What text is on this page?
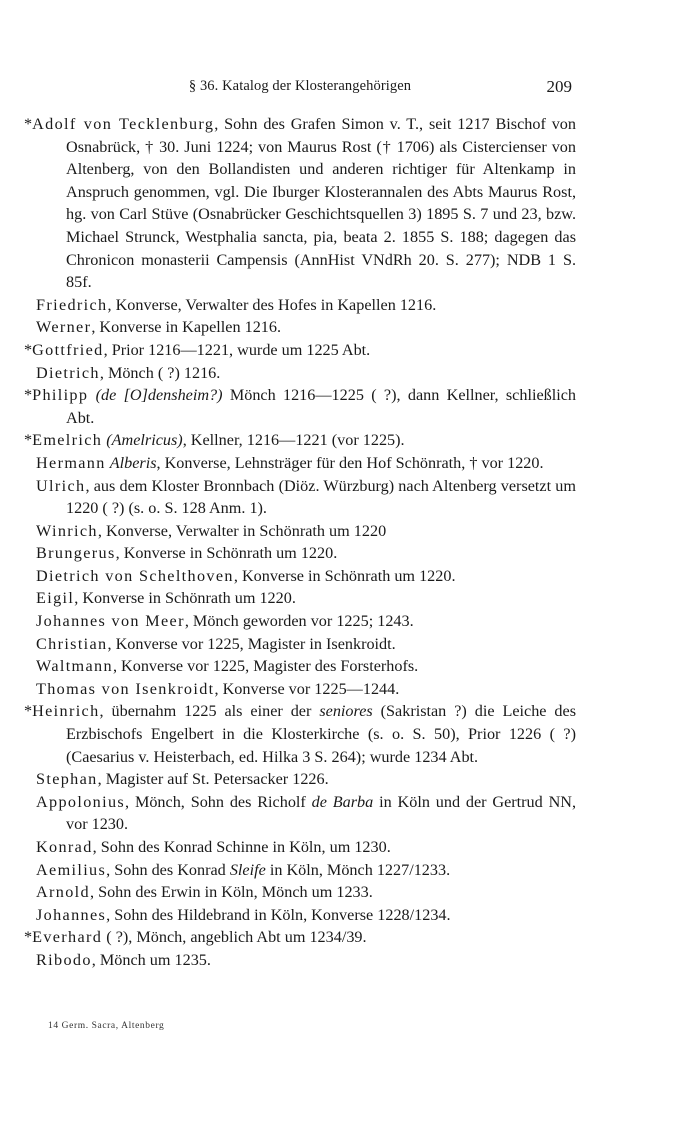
§ 36. Katalog der Klosterangehörigen	209
*Adolf von Tecklenburg, Sohn des Grafen Simon v. T., seit 1217 Bischof von Osnabrück, † 30. Juni 1224; von Maurus Rost († 1706) als Cistercienser von Altenberg, von den Bollandisten und anderen richtiger für Altenkamp in Anspruch genommen, vgl. Die Iburger Klosterannalen des Abts Maurus Rost, hg. von Carl Stüve (Osnabrücker Geschichtsquellen 3) 1895 S. 7 und 23, bzw. Michael Strunck, Westphalia sancta, pia, beata 2. 1855 S. 188; dagegen das Chronicon monasterii Campensis (AnnHist VNdRh 20. S. 277); NDB 1 S. 85f.
Friedrich, Konverse, Verwalter des Hofes in Kapellen 1216.
Werner, Konverse in Kapellen 1216.
*Gottfried, Prior 1216—1221, wurde um 1225 Abt.
Dietrich, Mönch ( ?) 1216.
*Philipp (de [O]densheim?) Mönch 1216—1225 ( ?), dann Kellner, schließlich Abt.
*Emelrich (Amelricus), Kellner, 1216—1221 (vor 1225).
Hermann Alberis, Konverse, Lehnsträger für den Hof Schönrath, † vor 1220.
Ulrich, aus dem Kloster Bronnbach (Diöz. Würzburg) nach Altenberg versetzt um 1220 ( ?) (s. o. S. 128 Anm. 1).
Winrich, Konverse, Verwalter in Schönrath um 1220
Brungerus, Konverse in Schönrath um 1220.
Dietrich von Schelthoven, Konverse in Schönrath um 1220.
Eigil, Konverse in Schönrath um 1220.
Johannes von Meer, Mönch geworden vor 1225; 1243.
Christian, Konverse vor 1225, Magister in Isenkroidt.
Waltmann, Konverse vor 1225, Magister des Forsterhofs.
Thomas von Isenkroidt, Konverse vor 1225—1244.
*Heinrich, übernahm 1225 als einer der seniores (Sakristan ?) die Leiche des Erzbischofs Engelbert in die Klosterkirche (s. o. S. 50), Prior 1226 ( ?) (Caesarius v. Heisterbach, ed. Hilka 3 S. 264); wurde 1234 Abt.
Stephan, Magister auf St. Petersacker 1226.
Appolonius, Mönch, Sohn des Richolf de Barba in Köln und der Gertrud NN, vor 1230.
Konrad, Sohn des Konrad Schinne in Köln, um 1230.
Aemilius, Sohn des Konrad Sleife in Köln, Mönch 1227/1233.
Arnold, Sohn des Erwin in Köln, Mönch um 1233.
Johannes, Sohn des Hildebrand in Köln, Konverse 1228/1234.
*Everhard ( ?), Mönch, angeblich Abt um 1234/39.
Ribodo, Mönch um 1235.
14 Germ. Sacra, Altenberg
